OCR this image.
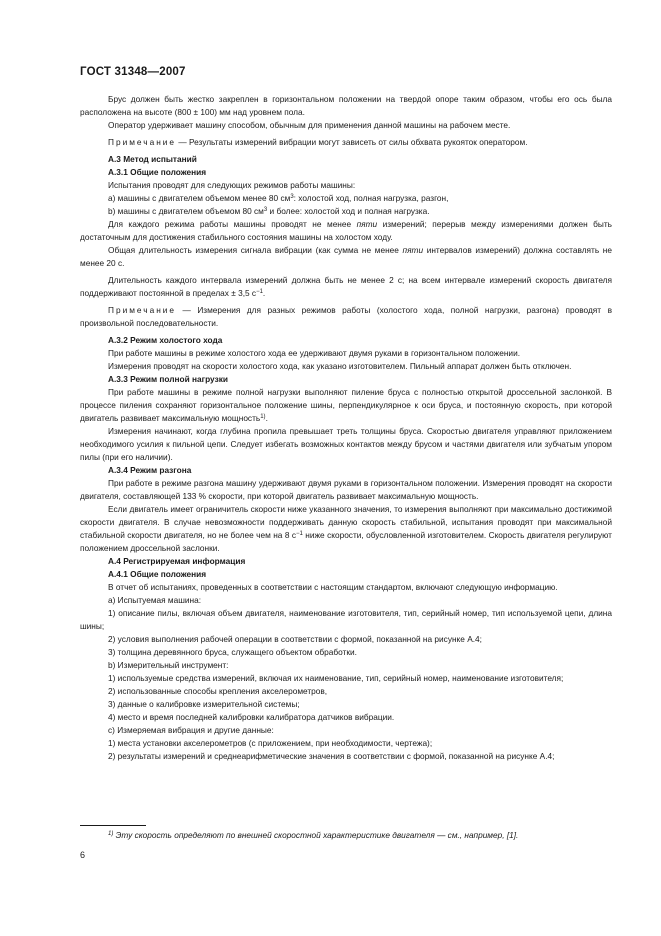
ГОСТ 31348—2007

Брус должен быть жестко закреплен в горизонтальном положении на твердой опоре таким образом, чтобы его ось была расположена на высоте (800 ± 100) мм над уровнем пола.

Оператор удерживает машину способом, обычным для применения данной машины на рабочем месте.

Примечание — Результаты измерений вибрации могут зависеть от силы обхвата рукояток оператором.

А.3 Метод испытаний

А.3.1 Общие положения

Испытания проводят для следующих режимов работы машины:

а) машины с двигателем объемом менее 80 $см^3$: холостой ход, полная нагрузка, разгон,

b) машины с двигателем объемом 80 $см^3$ и более: холостой ход и полная нагрузка.

Для каждого режима работы машины проводят не менее пяти измерений; перерыв между измерениями должен быть достаточным для достижения стабильного состояния машины на холостом ходу.

Общая длительность измерения сигнала вибрации (как сумма не менее пяти интервалов измерений) должна составлять не менее 20 с.

Длительность каждого интервала измерений должна быть не менее 2 с; на всем интервале измерений скорость двигателя поддерживают постоянной в пределах ± 3,5 $с^{-1}$.

Примечание — Измерения для разных режимов работы (холостого хода, полной нагрузки, разгона) проводят в произвольной последовательности.

А.3.2 Режим холостого хода

При работе машины в режиме холостого хода ее удерживают двумя руками в горизонтальном положении.

Измерения проводят на скорости холостого хода, как указано изготовителем. Пильный аппарат должен быть отключен.

А.3.3 Режим полной нагрузки

При работе машины в режиме полной нагрузки выполняют пиление бруса с полностью открытой дроссельной заслонкой. В процессе пиления сохраняют горизонтальное положение шины, перпендикулярное к оси бруса, и постоянную скорость, при которой двигатель развивает максимальную мощность$^{1)}$.

Измерения начинают, когда глубина пропила превышает треть толщины бруса. Скоростью двигателя управляют приложением необходимого усилия к пильной цепи. Следует избегать возможных контактов между брусом и частями двигателя или зубчатым упором пилы (при его наличии).

А.3.4 Режим разгона

При работе в режиме разгона машину удерживают двумя руками в горизонтальном положении. Измерения проводят на скорости двигателя, составляющей 133 % скорости, при которой двигатель развивает максимальную мощность.

Если двигатель имеет ограничитель скорости ниже указанного значения, то измерения выполняют при максимально достижимой скорости двигателя. В случае невозможности поддерживать данную скорость стабильной, испытания проводят при максимальной стабильной скорости двигателя, но не более чем на 8 $с^{-1}$ ниже скорости, обусловленной изготовителем. Скорость двигателя регулируют положением дроссельной заслонки.

А.4 Регистрируемая информация

А.4.1 Общие положения

В отчет об испытаниях, проведенных в соответствии с настоящим стандартом, включают следующую информацию.

а) Испытуемая машина:

1) описание пилы, включая объем двигателя, наименование изготовителя, тип, серийный номер, тип используемой цепи, длина шины;

2) условия выполнения рабочей операции в соответствии с формой, показанной на рисунке А.4;

3) толщина деревянного бруса, служащего объектом обработки.

b) Измерительный инструмент:

1) используемые средства измерений, включая их наименование, тип, серийный номер, наименование изготовителя;

2) использованные способы крепления акселерометров,

3) данные о калибровке измерительной системы;

4) место и время последней калибровки калибратора датчиков вибрации.

с) Измеряемая вибрация и другие данные:

1) места установки акселерометров (с приложением, при необходимости, чертежа);

2) результаты измерений и среднеарифметические значения в соответствии с формой, показанной на рисунке А.4;

$^{1)}$ Эту скорость определяют по внешней скоростной характеристике двигателя — см., например, [1].
6
